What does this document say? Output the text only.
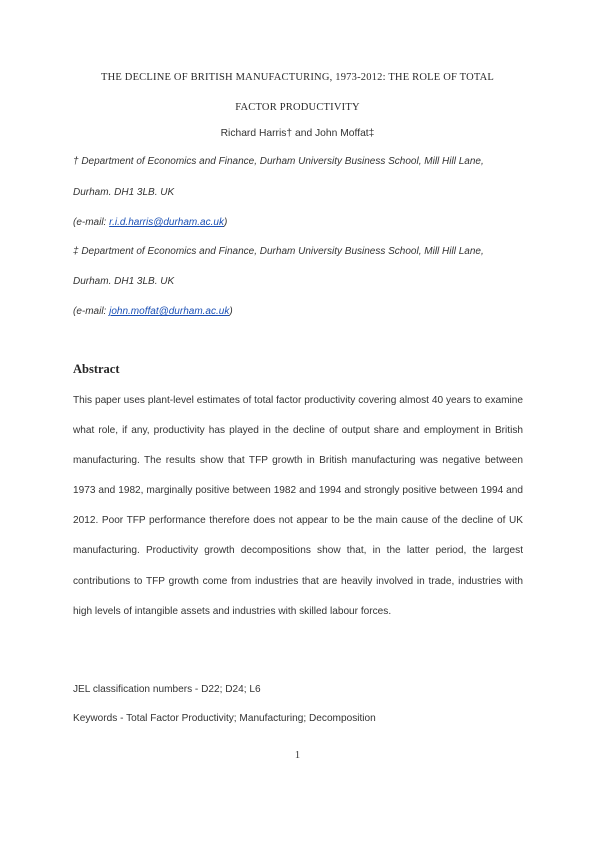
THE DECLINE OF BRITISH MANUFACTURING, 1973-2012: THE ROLE OF TOTAL
FACTOR PRODUCTIVITY
Richard Harris† and John Moffat‡
† Department of Economics and Finance, Durham University Business School, Mill Hill Lane,
Durham. DH1 3LB. UK
(e-mail: r.i.d.harris@durham.ac.uk)
‡ Department of Economics and Finance, Durham University Business School, Mill Hill Lane,
Durham. DH1 3LB. UK
(e-mail: john.moffat@durham.ac.uk)
Abstract
This paper uses plant-level estimates of total factor productivity covering almost 40 years to examine what role, if any, productivity has played in the decline of output share and employment in British manufacturing. The results show that TFP growth in British manufacturing was negative between 1973 and 1982, marginally positive between 1982 and 1994 and strongly positive between 1994 and 2012. Poor TFP performance therefore does not appear to be the main cause of the decline of UK manufacturing. Productivity growth decompositions show that, in the latter period, the largest contributions to TFP growth come from industries that are heavily involved in trade, industries with high levels of intangible assets and industries with skilled labour forces.
JEL classification numbers - D22; D24; L6
Keywords - Total Factor Productivity; Manufacturing; Decomposition
1
